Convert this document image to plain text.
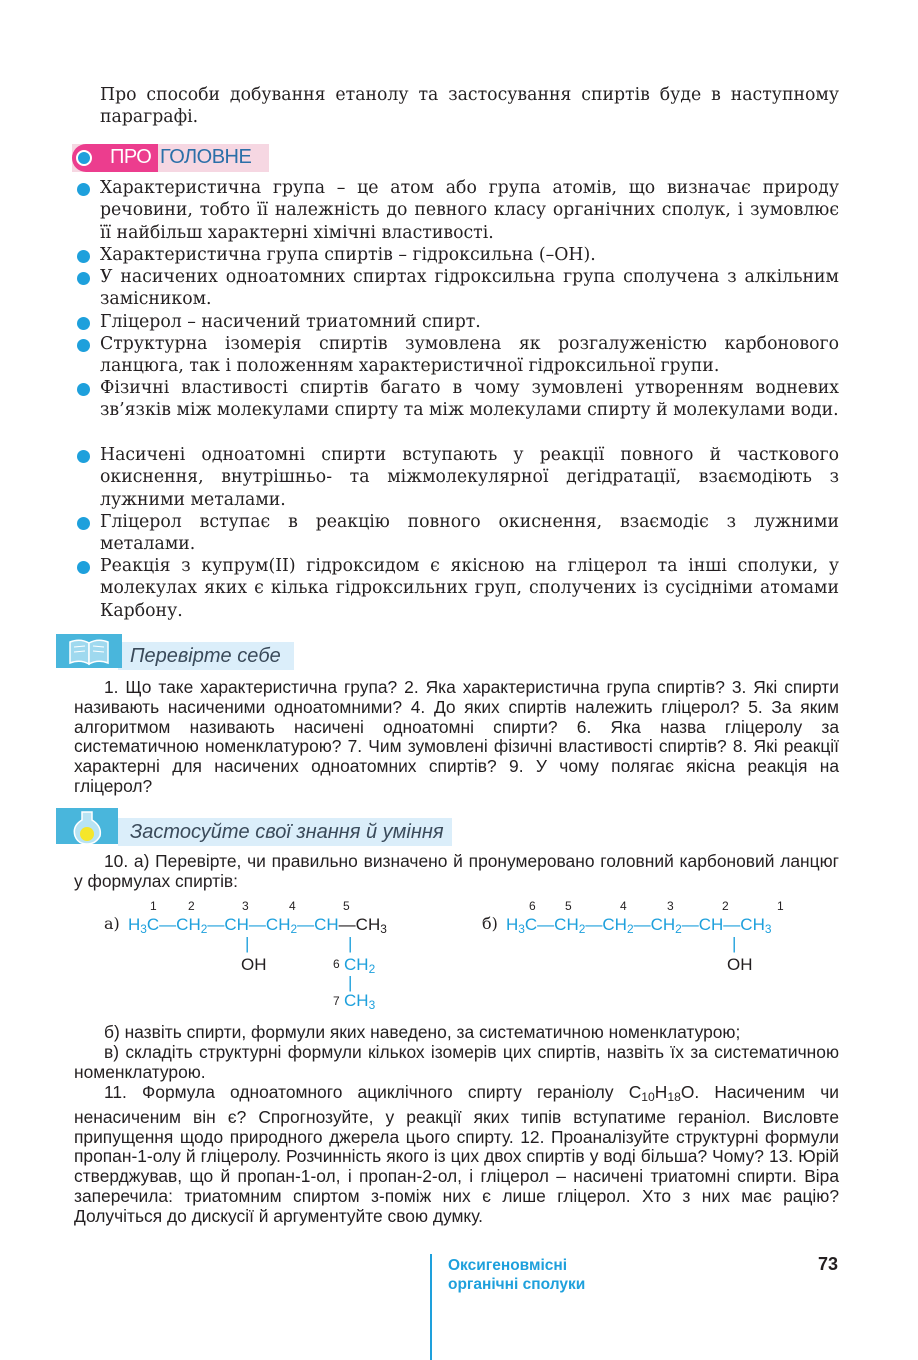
Про способи добування етанолу та застосування спиртів буде в наступному параграфі.

ПРО ГОЛОВНЕ

Характеристична група – це атом або група атомів, що визначає природу речовини, тобто її належність до певного класу органічних сполук, і зумовлює її найбільш характерні хімічні властивості.

Характеристична група спиртів – гідроксильна (–OH).

У насичених одноатомних спиртах гідроксильна група сполучена з алкільним замісником.

Гліцерол – насичений триатомний спирт.

Структурна ізомерія спиртів зумовлена як розгалуженістю карбонового ланцюга, так і положенням характеристичної гідроксильної групи.

Фізичні властивості спиртів багато в чому зумовлені утворенням водневих зв’язків між молекулами спирту та між молекулами спирту й молекулами води.

Насичені одноатомні спирти вступають у реакції повного й часткового окиснення, внутрішньо- та міжмолекулярної дегідратації, взаємодіють з лужними металами.

Гліцерол вступає в реакцію повного окиснення, взаємодіє з лужними металами.

Реакція з купрум(II) гідроксидом є якісною на гліцерол та інші сполуки, у молекулах яких є кілька гідроксильних груп, сполучених із сусідніми атомами Карбону.

Перевірте себе

1. Що таке характеристична група? 2. Яка характеристична група спиртів? 3. Які спирти називають насиченими одноатомними? 4. До яких спиртів належить гліцерол? 5. За яким алгоритмом називають насичені одноатомні спирти? 6. Яка назва гліцеролу за систематичною номенклатурою? 7. Чим зумовлені фізичні властивості спиртів? 8. Які реакції характерні для насичених одноатомних спиртів? 9. У чому полягає якісна реакція на гліцерол?

Застосуйте свої знання й уміння

10. а) Перевірте, чи правильно визначено й пронумеровано головний карбоновий ланцюг у формулах спиртів:

а)
1	2	3	4	5
$H_3C—CH_2—CH—CH_2—CH—CH_3$
|
OH
|
6 $CH_2$
|
7 $CH_3$
б)
6 5	4	3	2	1
$H_3C—CH_2—CH_2—CH_2—CH—CH_3$
|
OH

б) назвіть спирти, формули яких наведено, за систематичною номенклатурою;

в) складіть структурні формули кількох ізомерів цих спиртів, назвіть їх за систематичною номенклатурою.

11. Формула одноатомного ациклічного спирту гераніолу $C_{10}H_{18}O$. Насиченим чи ненасиченим він є? Спрогнозуйте, у реакції яких типів вступатиме гераніол. Висловте припущення щодо природного джерела цього спирту. 12. Проаналізуйте структурні формули пропан-1-олу й гліцеролу. Розчинність якого із цих двох спиртів у воді більша? Чому? 13. Юрій стверджував, що й пропан-1-ол, і пропан-2-ол, і гліцерол – насичені триатомні спирти. Віра заперечила: триатомним спиртом з-поміж них є лише гліцерол. Хто з них має рацію? Долучіться до дискусії й аргументуйте свою думку.

Оксигеновмісні
органічні сполуки
73
